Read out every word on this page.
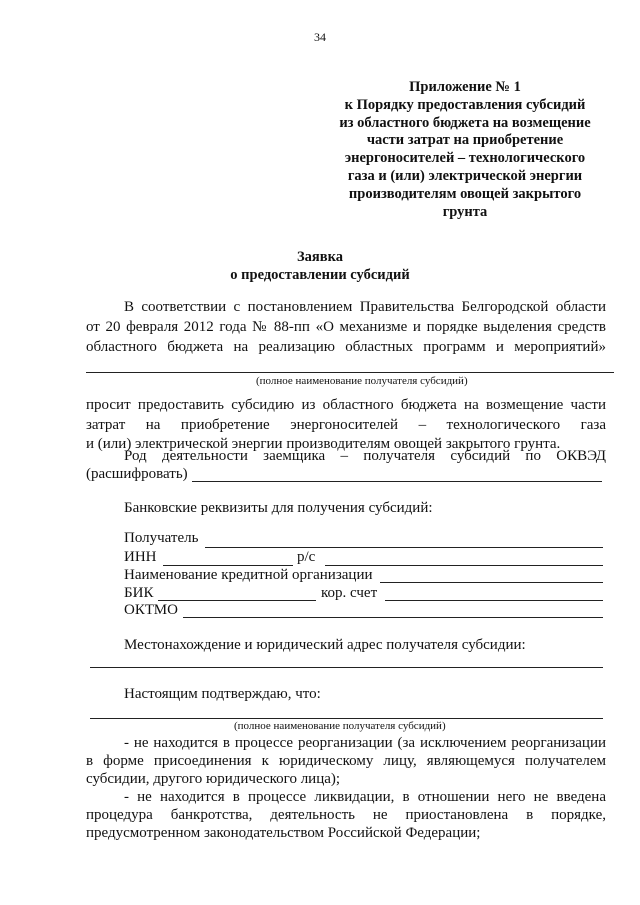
34
Приложение № 1
к Порядку предоставления субсидий
из областного бюджета на возмещение
части затрат на приобретение
энергоносителей – технологического
газа и (или) электрической энергии
производителям овощей закрытого
грунта
Заявка
о предоставлении субсидий
В соответствии с постановлением Правительства Белгородской области
от 20 февраля 2012 года № 88-пп «О механизме и порядке выделения средств
областного бюджета на реализацию областных программ и мероприятий»
(полное наименование получателя субсидий)
просит предоставить субсидию из областного бюджета на возмещение части
затрат на приобретение энергоносителей – технологического газа
и (или) электрической энергии производителям овощей закрытого грунта.
Род деятельности заемщика – получателя субсидий по ОКВЭД
(расшифровать)
Банковские реквизиты для получения субсидий:
Получатель
ИНН	р/с
Наименование кредитной организации
БИК	кор. счет
ОКТМО
Местонахождение и юридический адрес получателя субсидии:
Настоящим подтверждаю, что:
(полное наименование получателя субсидий)
- не находится в процессе реорганизации (за исключением реорганизации
в форме присоединения к юридическому лицу, являющемуся получателем
субсидии, другого юридического лица);
- не находится в процессе ликвидации, в отношении него не введена
процедура банкротства, деятельность не приостановлена в порядке,
предусмотренном законодательством Российской Федерации;
